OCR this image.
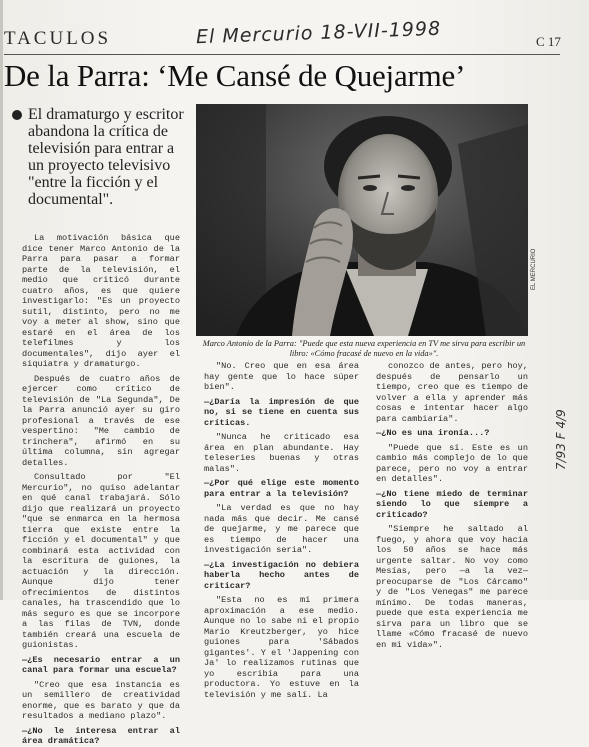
TACULOS	El Mercurio 18-VII-1998	C 17
De la Parra: ‘Me Cansé de Quejarme’
El dramaturgo y escritor abandona la crítica de televisión para entrar a un proyecto televisivo "entre la ficción y el documental".

La motivación básica que dice tener Marco Antonio de la Parra para pasar a formar parte de la televisión, el medio que criticó durante cuatro años, es que quiere investigarlo: "Es un proyecto sutil, distinto, pero no me voy a meter al show, sino que estaré en el área de los telefilmes y los documentales", dijo ayer el siquiatra y dramaturgo.

Después de cuatro años de ejercer como crítico de televisión de "La Segunda", De la Parra anunció ayer su giro profesional a través de ese vespertino: "Me cambio de trinchera", afirmó en su última columna, sin agregar detalles.

Consultado por "El Mercurio", no quiso adelantar en qué canal trabajará. Sólo dijo que realizará un proyecto "que se enmarca en la hermosa tierra que existe entre la ficción y el documental" y que combinará esta actividad con la escritura de guiones, la actuación y la dirección. Aunque dijo tener ofrecimientos de distintos canales, ha trascendido que lo más seguro es que se incorpore a las filas de TVN, donde también creará una escuela de guionistas.

—¿Es necesario entrar a un canal para formar una escuela?

"Creo que esa instancia es un semillero de creatividad enorme, que es barato y que da resultados a mediano plazo".

—¿No le interesa entrar al área dramática?

EL MERCURIO
Marco Antonio de la Parra: "Puede que esta nueva experiencia en TV me sirva para escribir un libro: «Cómo fracasé de nuevo en la vida»".

"No. Creo que en esa área hay gente que lo hace súper bien".

—¿Daría la impresión de que no, si se tiene en cuenta sus críticas.

"Nunca he criticado esa área en plan abundante. Hay teleseries buenas y otras malas".

—¿Por qué elige este momento para entrar a la televisión?

"La verdad es que no hay nada más que decir. Me cansé de quejarme, y me parece que es tiempo de hacer una investigación seria".

—¿La investigación no debiera haberla hecho antes de criticar?

"Esta no es mi primera aproximación a ese medio. Aunque no lo sabe ni el propio Mario Kreutzberger, yo hice guiones para 'Sábados gigantes'. Y el 'Jappening con Ja' lo realizamos rutinas que yo escribía para una productora. Yo estuve en la televisión y me salí. La

conozco de antes, pero hoy, después de pensarlo un tiempo, creo que es tiempo de volver a ella y aprender más cosas e intentar hacer algo para cambiaría".

—¿No es una ironía...?

"Puede que sí. Este es un cambio más complejo de lo que parece, pero no voy a entrar en detalles".

—¿No tiene miedo de terminar siendo lo que siempre a criticado?

"Siempre he saltado al fuego, y ahora que voy hacia los 50 años se hace más urgente saltar. No voy como Mesías, pero —a la vez— preocuparse de "Los Cárcamo" y de "Los Venegas" me parece mínimo. De todas maneras, puede que esta experiencia me sirva para un libro que se llame «Cómo fracasé de nuevo en mi vida»".

7/93 F 4/9
